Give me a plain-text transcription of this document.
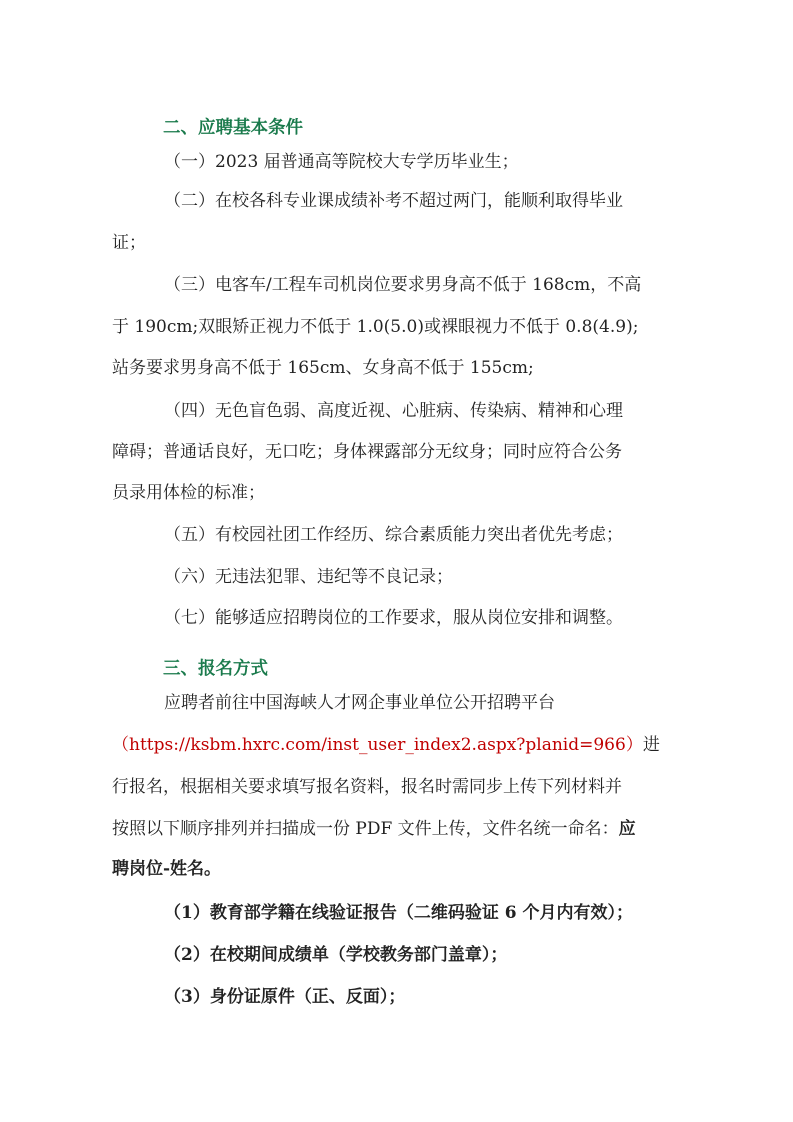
二、应聘基本条件
（一）2023 届普通高等院校大专学历毕业生；
（二）在校各科专业课成绩补考不超过两门，能顺利取得毕业
证；
（三）电客车/工程车司机岗位要求男身高不低于 168cm，不高
于 190cm;双眼矫正视力不低于 1.0(5.0)或裸眼视力不低于 0.8(4.9);
站务要求男身高不低于 165cm、女身高不低于 155cm;
（四）无色盲色弱、高度近视、心脏病、传染病、精神和心理
障碍；普通话良好，无口吃；身体裸露部分无纹身；同时应符合公务
员录用体检的标准；
（五）有校园社团工作经历、综合素质能力突出者优先考虑；
（六）无违法犯罪、违纪等不良记录；
（七）能够适应招聘岗位的工作要求，服从岗位安排和调整。
三、报名方式
应聘者前往中国海峡人才网企事业单位公开招聘平台
（https://ksbm.hxrc.com/inst_user_index2.aspx?planid=966）进
行报名，根据相关要求填写报名资料，报名时需同步上传下列材料并
按照以下顺序排列并扫描成一份 PDF 文件上传，文件名统一命名：应
聘岗位-姓名。
（1）教育部学籍在线验证报告（二维码验证 6 个月内有效）；
（2）在校期间成绩单（学校教务部门盖章）；
（3）身份证原件（正、反面）；
